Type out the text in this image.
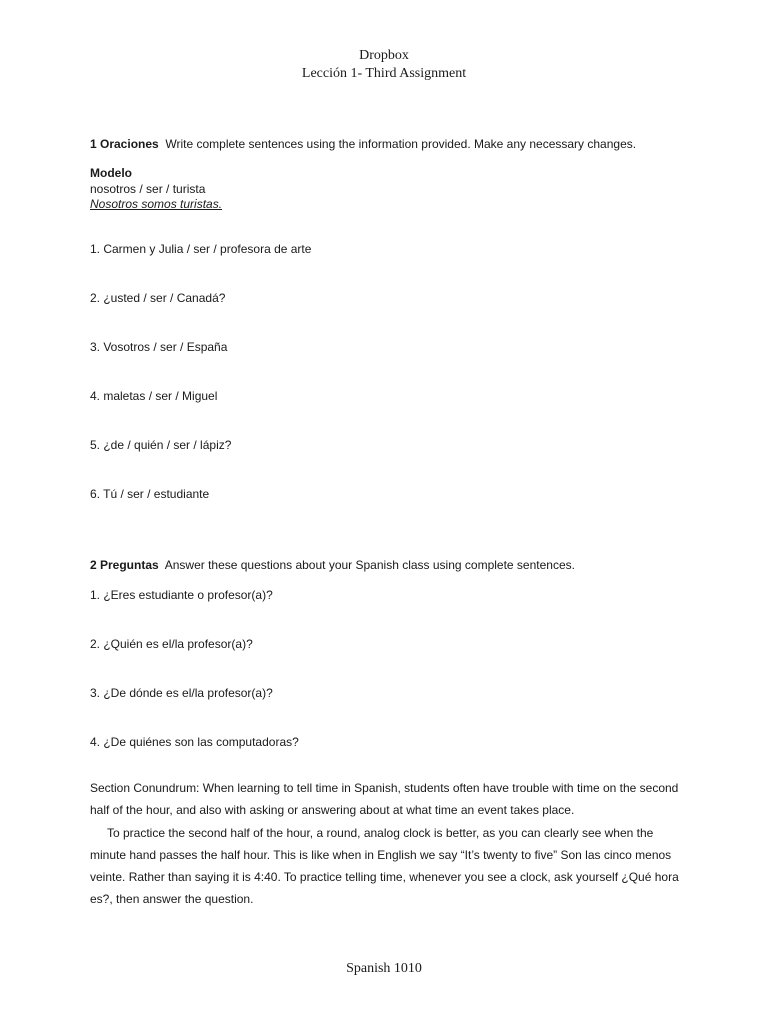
Dropbox
Lección 1- Third Assignment
1 Oraciones Write complete sentences using the information provided. Make any necessary changes.
Modelo
nosotros / ser / turista
Nosotros somos turistas.
1. Carmen y Julia / ser / profesora de arte
2. ¿usted / ser / Canadá?
3. Vosotros / ser / España
4. maletas / ser / Miguel
5. ¿de / quién / ser / lápiz?
6. Tú / ser / estudiante
2 Preguntas Answer these questions about your Spanish class using complete sentences.
1. ¿Eres estudiante o profesor(a)?
2. ¿Quién es el/la profesor(a)?
3. ¿De dónde es el/la profesor(a)?
4. ¿De quiénes son las computadoras?

Section Conundrum: When learning to tell time in Spanish, students often have trouble with time on the second half of the hour, and also with asking or answering about at what time an event takes place.

To practice the second half of the hour, a round, analog clock is better, as you can clearly see when the minute hand passes the half hour. This is like when in English we say “It’s twenty to five” Son las cinco menos veinte. Rather than saying it is 4:40. To practice telling time, whenever you see a clock, ask yourself ¿Qué hora es?, then answer the question.

Spanish 1010
